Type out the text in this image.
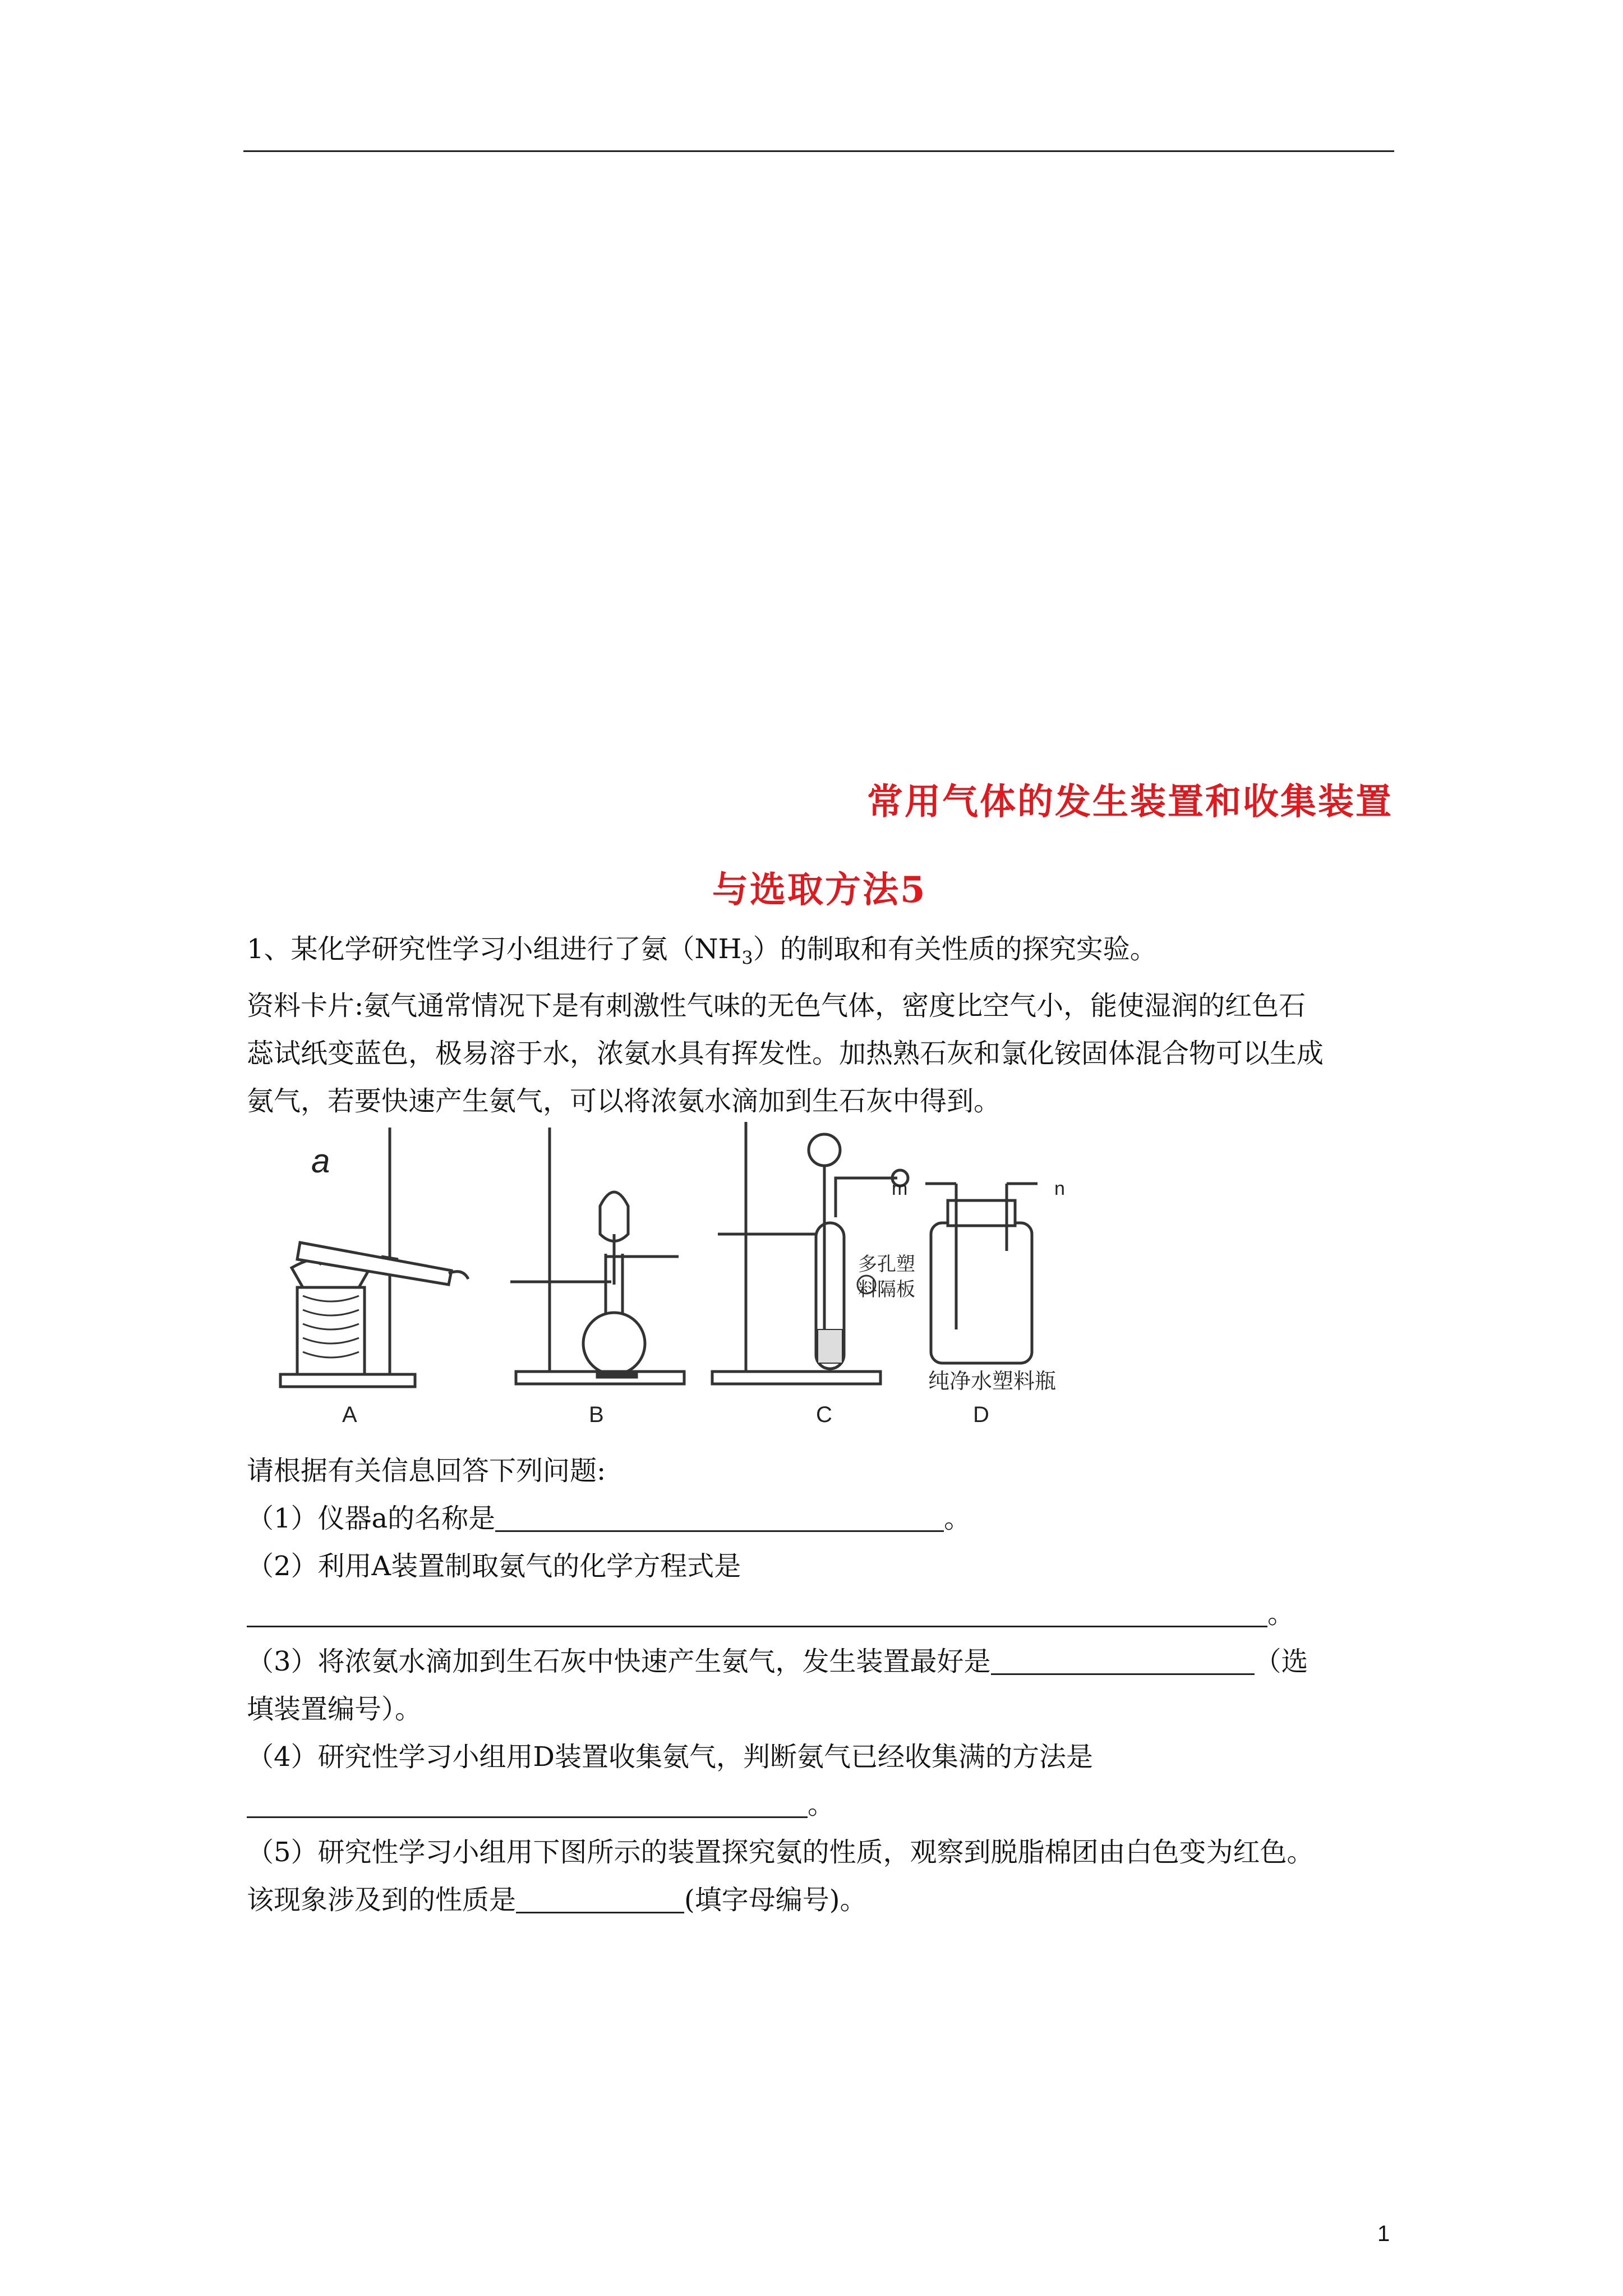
常用气体的发生装置和收集装置
与选取方法5
1、某化学研究性学习小组进行了氨$(NH_3)$的制取和有关性质的探究实验。
资料卡片:氨气通常情况下是有刺激性气味的无色气体，密度比空气小，能使湿润的红色石
蕊试纸变蓝色，极易溶于水，浓氨水具有挥发性。加热熟石灰和氯化铵固体混合物可以生成
氨气，若要快速产生氨气，可以将浓氨水滴加到生石灰中得到。
a
A	B	C	D
m	n
多孔塑
料隔板
纯净水塑料瓶
请根据有关信息回答下列问题:
（1）仪器a的名称是	。
（2）利用A装置制取氨气的化学方程式是
。
（3）将浓氨水滴加到生石灰中快速产生氨气，发生装置最好是	（选
填装置编号）。
（4）研究性学习小组用D装置收集氨气，判断氨气已经收集满的方法是
。
（5）研究性学习小组用下图所示的装置探究氨的性质，观察到脱脂棉团由白色变为红色。
该现象涉及到的性质是	(填字母编号)。
1
